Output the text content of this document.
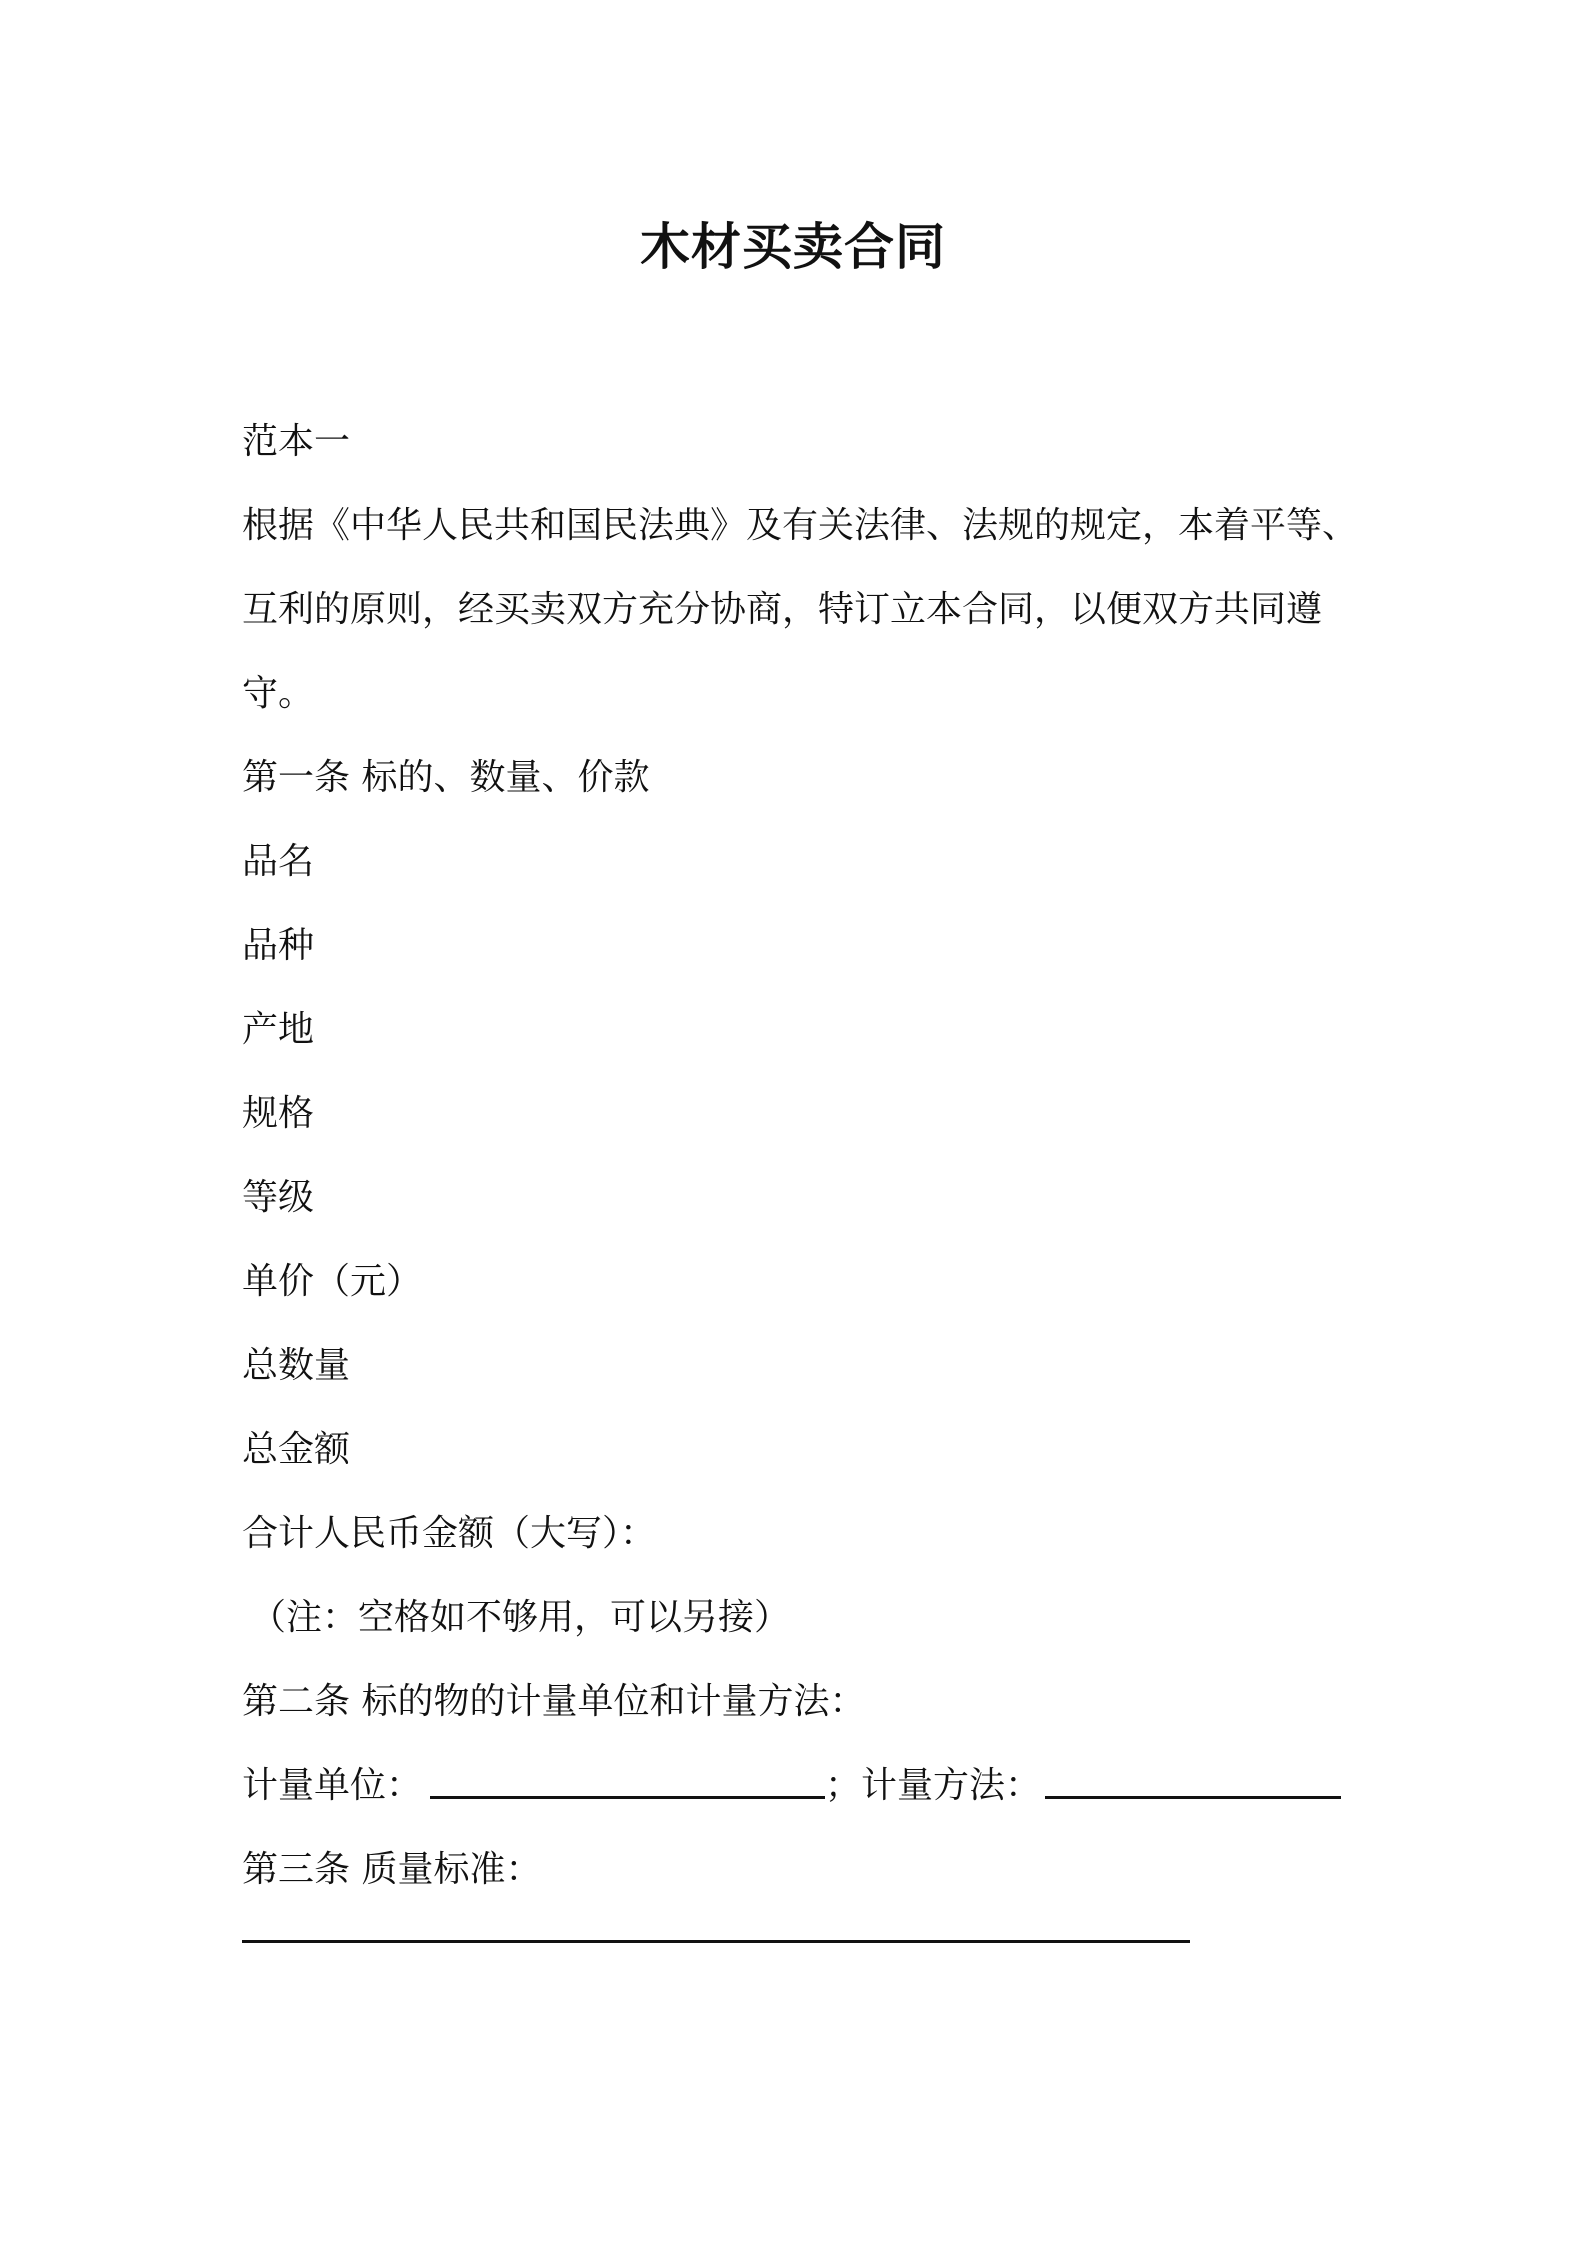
木材买卖合同
范本一
根据《中华人民共和国民法典》及有关法律、法规的规定，本着平等、
互利的原则，经买卖双方充分协商，特订立本合同，以便双方共同遵
守。
第一条 标的、数量、价款
品名
品种
产地
规格
等级
单价（元）
总数量
总金额
合计人民币金额（大写）：
（注：空格如不够用，可以另接）
第二条 标的物的计量单位和计量方法：
计量单位：	；计量方法：
第三条 质量标准：
